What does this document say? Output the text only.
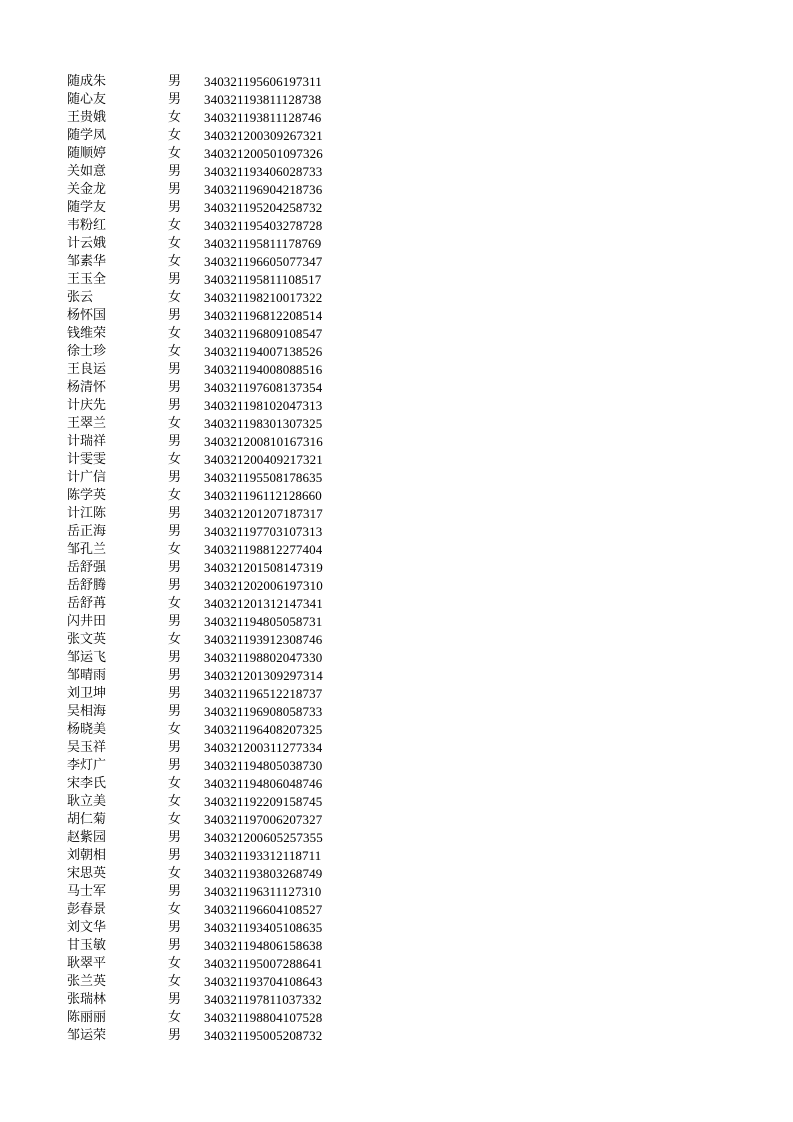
随成朱	男 340321195606197311
随心友	男 340321193811128738
王贵娥	女 340321193811128746
随学凤	女 340321200309267321
随顺婷	女 340321200501097326
关如意	男 340321193406028733
关金龙	男 340321196904218736
随学友	男 340321195204258732
韦粉红	女 340321195403278728
计云娥	女 340321195811178769
邹素华	女 340321196605077347
王玉全	男 340321195811108517
张云	女 340321198210017322
杨怀国	男 340321196812208514
钱维荣	女 340321196809108547
徐士珍	女 340321194007138526
王良运	男 340321194008088516
杨清怀	男 340321197608137354
计庆先	男 340321198102047313
王翠兰	女 340321198301307325
计瑞祥	男 340321200810167316
计雯雯	女 340321200409217321
计广信	男 340321195508178635
陈学英	女 340321196112128660
计江陈	男 340321201207187317
岳正海	男 340321197703107313
邹孔兰	女 340321198812277404
岳舒强	男 340321201508147319
岳舒腾	男 340321202006197310
岳舒苒	女 340321201312147341
闪井田	男 340321194805058731
张文英	女 340321193912308746
邹运飞	男 340321198802047330
邹晴雨	男 340321201309297314
刘卫坤	男 340321196512218737
吴相海	男 340321196908058733
杨晓美	女 340321196408207325
吴玉祥	男 340321200311277334
李灯广	男 340321194805038730
宋李氏	女 340321194806048746
耿立美	女 340321192209158745
胡仁菊	女 340321197006207327
赵紫园	男 340321200605257355
刘朝相	男 340321193312118711
宋思英	女 340321193803268749
马士军	男 340321196311127310
彭春景	女 340321196604108527
刘文华	男 340321193405108635
甘玉敏	男 340321194806158638
耿翠平	女 340321195007288641
张兰英	女 340321193704108643
张瑞林	男 340321197811037332
陈丽丽	女 340321198804107528
邹运荣	男 340321195005208732
